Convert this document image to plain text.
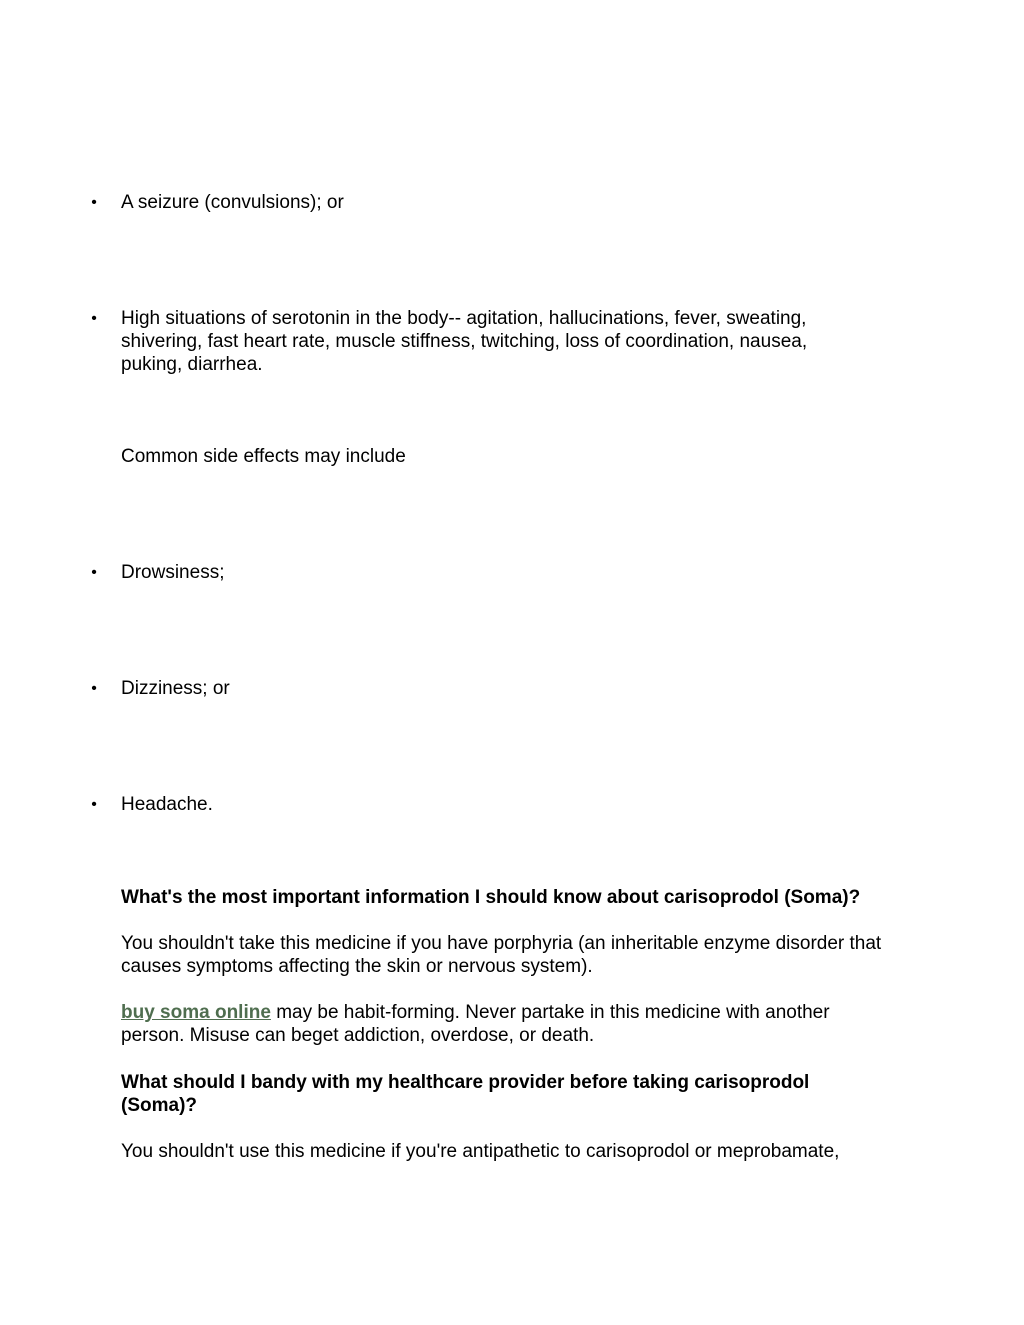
• A seizure (convulsions); or
• High situations of serotonin in the body-- agitation, hallucinations, fever, sweating, shivering, fast heart rate, muscle stiffness, twitching, loss of coordination, nausea, puking, diarrhea.

Common side effects may include

• Drowsiness;
• Dizziness; or
• Headache.

What's the most important information I should know about carisoprodol (Soma)?

You shouldn't take this medicine if you have porphyria (an inheritable enzyme disorder that causes symptoms affecting the skin or nervous system).

buy soma online may be habit-forming. Never partake in this medicine with another person. Misuse can beget addiction, overdose, or death.

What should I bandy with my healthcare provider before taking carisoprodol (Soma)?

You shouldn't use this medicine if you're antipathetic to carisoprodol or meprobamate,
